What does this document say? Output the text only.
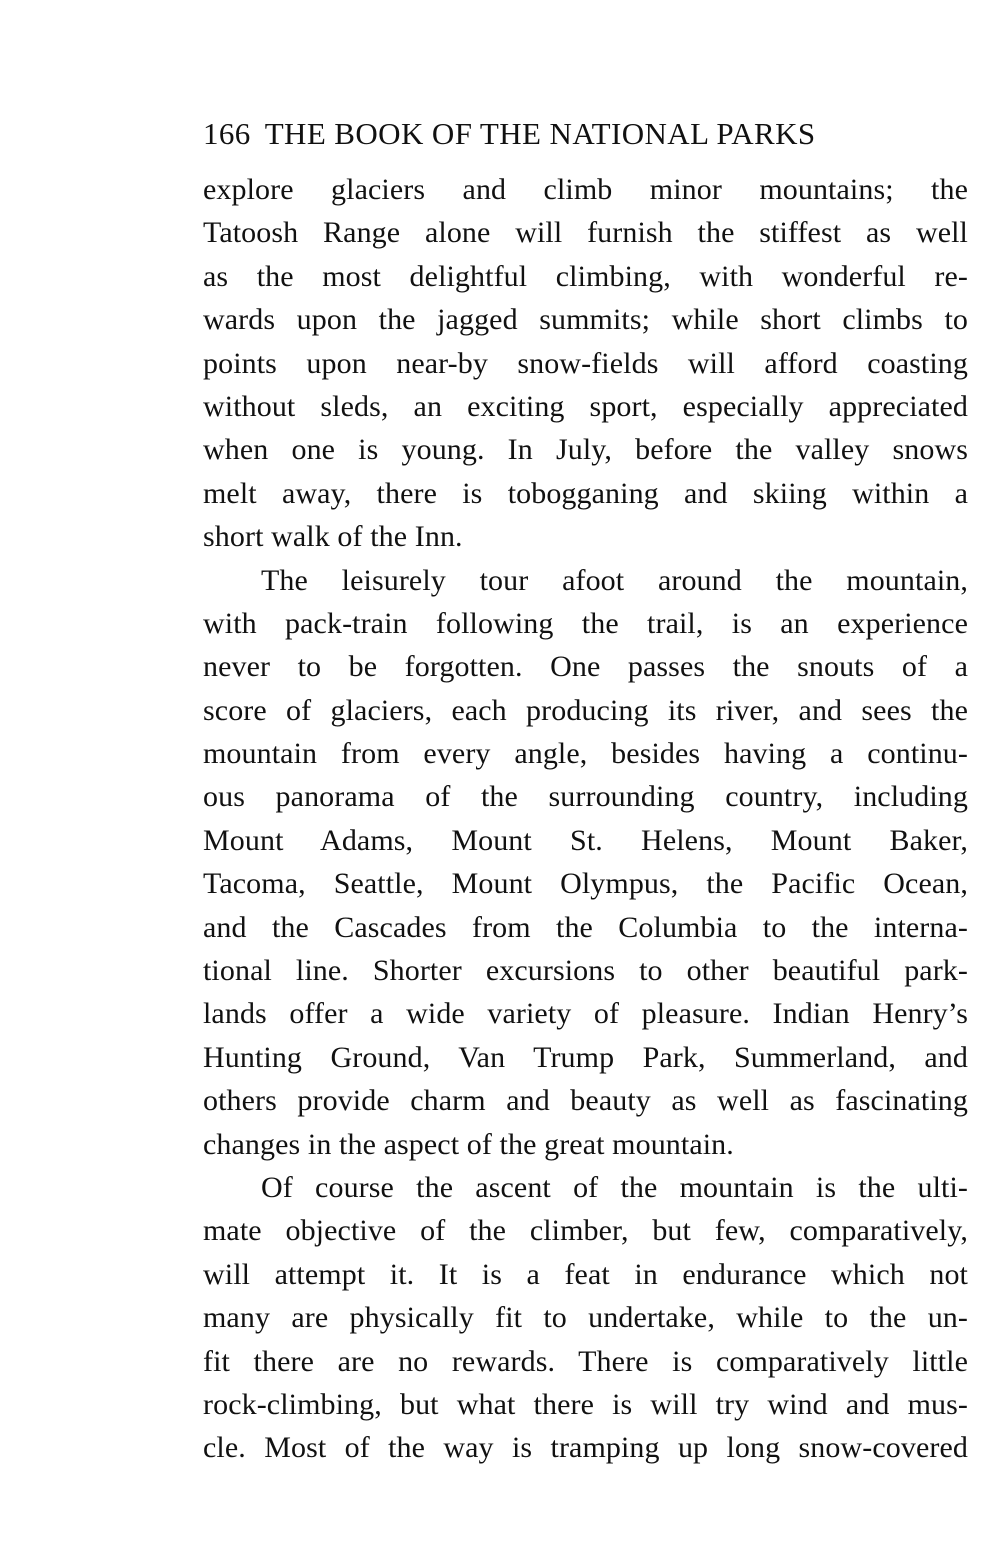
166 THE BOOK OF THE NATIONAL PARKS
explore glaciers and climb minor mountains; the
Tatoosh Range alone will furnish the stiffest as well
as the most delightful climbing, with wonderful re-
wards upon the jagged summits; while short climbs to
points upon near-by snow-fields will afford coasting
without sleds, an exciting sport, especially appreciated
when one is young. In July, before the valley snows
melt away, there is tobogganing and skiing within a
short walk of the Inn.
The leisurely tour afoot around the mountain,
with pack-train following the trail, is an experience
never to be forgotten. One passes the snouts of a
score of glaciers, each producing its river, and sees the
mountain from every angle, besides having a continu-
ous panorama of the surrounding country, including
Mount Adams, Mount St. Helens, Mount Baker,
Tacoma, Seattle, Mount Olympus, the Pacific Ocean,
and the Cascades from the Columbia to the interna-
tional line. Shorter excursions to other beautiful park-
lands offer a wide variety of pleasure. Indian Henry’s
Hunting Ground, Van Trump Park, Summerland, and
others provide charm and beauty as well as fascinating
changes in the aspect of the great mountain.
Of course the ascent of the mountain is the ulti-
mate objective of the climber, but few, comparatively,
will attempt it. It is a feat in endurance which not
many are physically fit to undertake, while to the un-
fit there are no rewards. There is comparatively little
rock-climbing, but what there is will try wind and mus-
cle. Most of the way is tramping up long snow-covered
